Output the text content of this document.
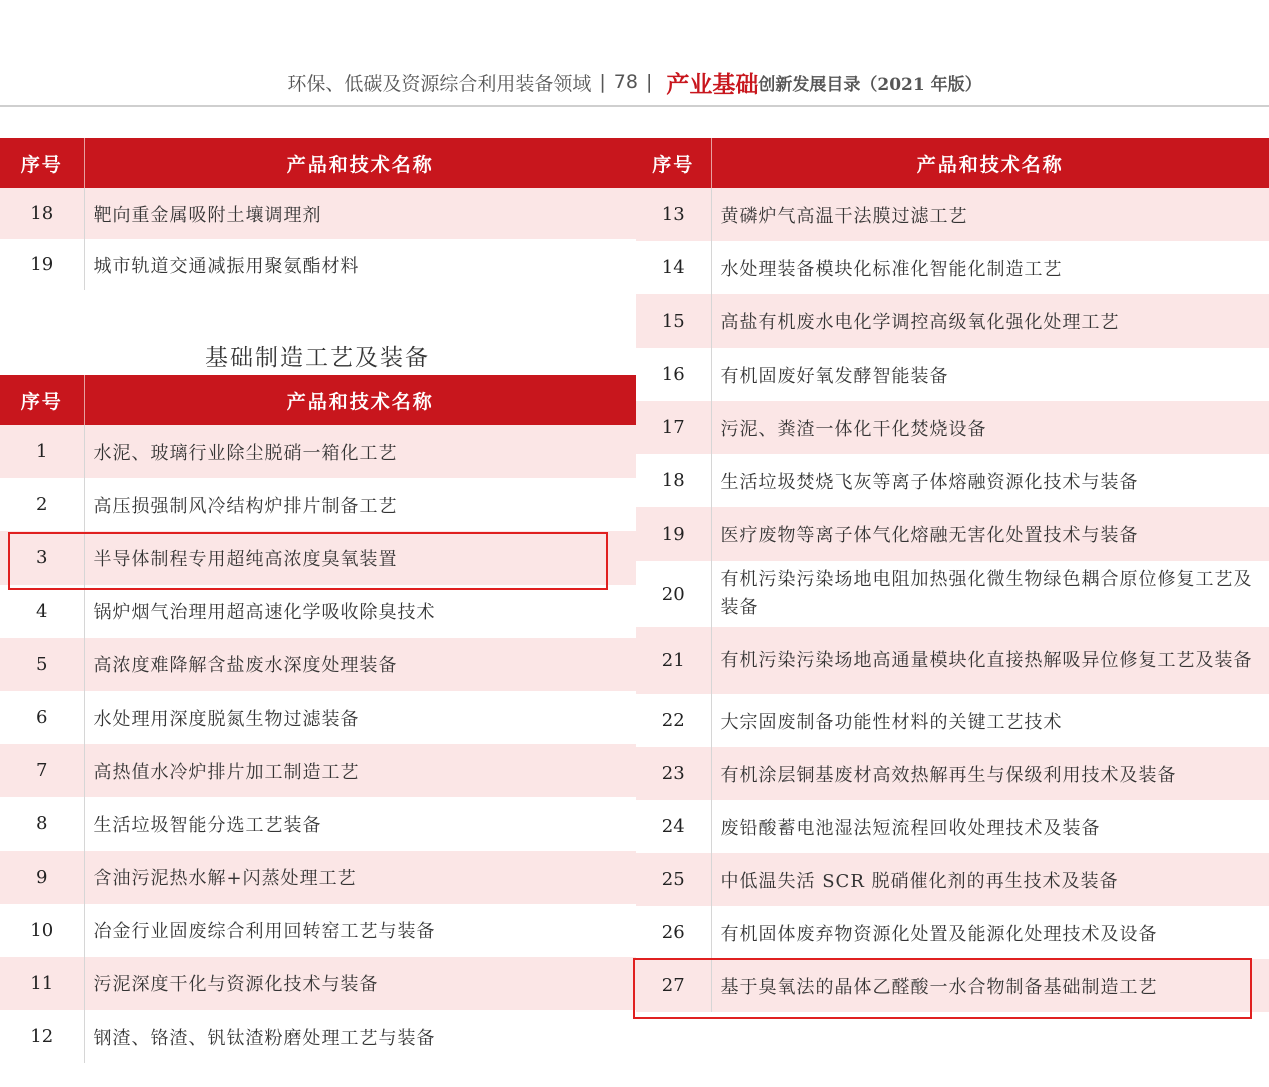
环保、低碳及资源综合利用装备领域 | 78 | 产业基础 创新发展目录 （2021 年版）
序号	产品和技术名称
18	靶向重金属吸附土壤调理剂
19	城市轨道交通减振用聚氨酯材料
基础制造工艺及装备
序号	产品和技术名称
1	水泥、玻璃行业除尘脱硝一箱化工艺
2	高压损强制风冷结构炉排片制备工艺
3	半导体制程专用超纯高浓度臭氧装置
4	锅炉烟气治理用超高速化学吸收除臭技术
5	高浓度难降解含盐废水深度处理装备
6	水处理用深度脱氮生物过滤装备
7	高热值水冷炉排片加工制造工艺
8	生活垃圾智能分选工艺装备
9	含油污泥热水解+闪蒸处理工艺
10	冶金行业固废综合利用回转窑工艺与装备
11	污泥深度干化与资源化技术与装备
12	钢渣、铬渣、钒钛渣粉磨处理工艺与装备
序号	产品和技术名称
13	黄磷炉气高温干法膜过滤工艺
14	水处理装备模块化标准化智能化制造工艺
15	高盐有机废水电化学调控高级氧化强化处理工艺
16	有机固废好氧发酵智能装备
17	污泥、粪渣一体化干化焚烧设备
18	生活垃圾焚烧飞灰等离子体熔融资源化技术与装备
19	医疗废物等离子体气化熔融无害化处置技术与装备
20	有机污染污染场地电阻加热强化微生物绿色耦合原位修复工艺及装备
21	有机污染污染场地高通量模块化直接热解吸异位修复工艺及装备
22	大宗固废制备功能性材料的关键工艺技术
23	有机涂层铜基废材高效热解再生与保级利用技术及装备
24	废铅酸蓄电池湿法短流程回收处理技术及装备
25	中低温失活 SCR 脱硝催化剂的再生技术及装备
26	有机固体废弃物资源化处置及能源化处理技术及设备
27	基于臭氧法的晶体乙醛酸一水合物制备基础制造工艺
